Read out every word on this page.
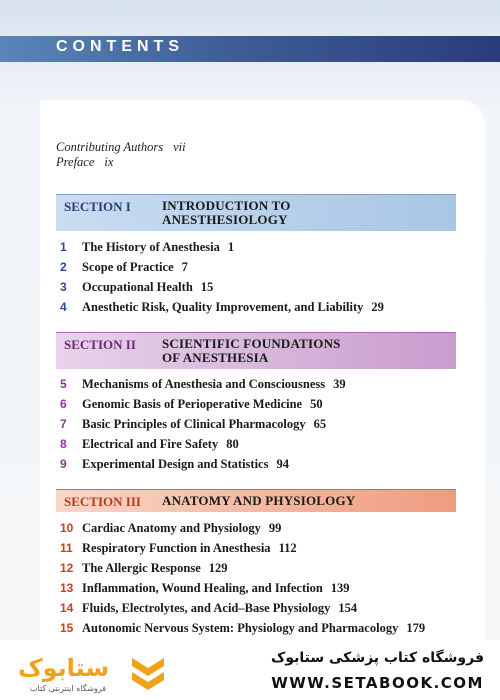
CONTENTS
Contributing Authors vii
Preface ix
SECTION I INTRODUCTION TO
ANESTHESIOLOGY
1 The History of Anesthesia 1
2 Scope of Practice 7
3 Occupational Health 15
4 Anesthetic Risk, Quality Improvement, and Liability 29
SECTION II SCIENTIFIC FOUNDATIONS
OF ANESTHESIA
5 Mechanisms of Anesthesia and Consciousness 39
6 Genomic Basis of Perioperative Medicine 50
7 Basic Principles of Clinical Pharmacology 65
8 Electrical and Fire Safety 80
9 Experimental Design and Statistics 94
SECTION III ANATOMY AND PHYSIOLOGY
10 Cardiac Anatomy and Physiology 99
11 Respiratory Function in Anesthesia 112
12 The Allergic Response 129
13 Inflammation, Wound Healing, and Infection 139
14 Fluids, Electrolytes, and Acid–Base Physiology 154
15 Autonomic Nervous System: Physiology and Pharmacology 179
ستابوک
فروشگاه اینترنتی کتاب
فروشگاه کتاب پزشکی ستابوک
WWW.SETABOOK.COM
